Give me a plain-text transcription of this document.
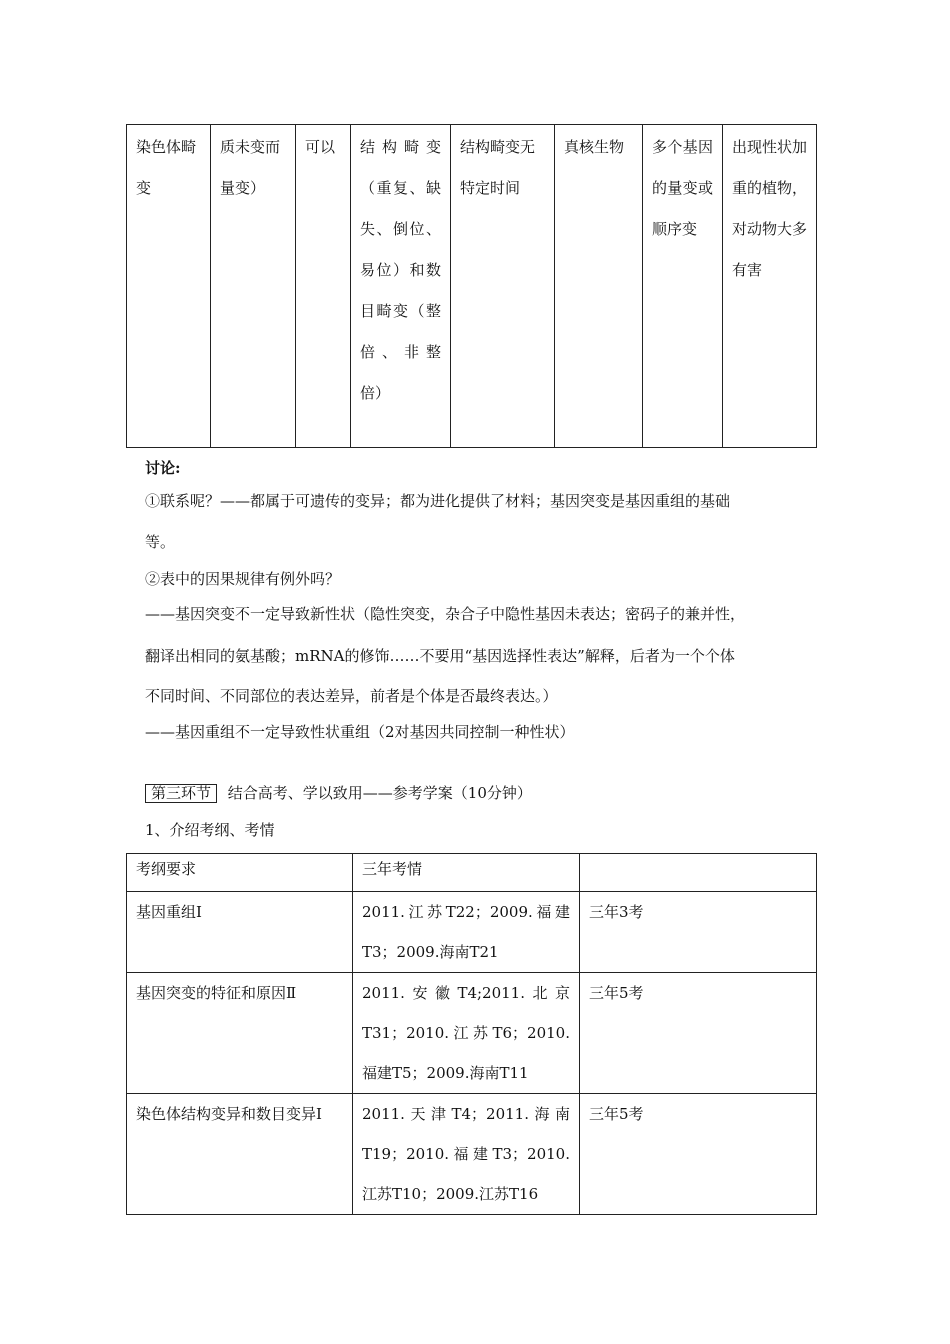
染色体畸变	质未变而量变）	可以	结构畸变（重复、缺失、倒位、易位）和数目畸变（整倍、非整倍）	结构畸变无特定时间	真核生物	多个基因的量变或顺序变	出现性状加重的植物，对动物大多有害
讨论:
①联系呢？——都属于可遗传的变异；都为进化提供了材料；基因突变是基因重组的基础
等。
②表中的因果规律有例外吗？
——基因突变不一定导致新性状（隐性突变，杂合子中隐性基因未表达；密码子的兼并性，
翻译出相同的氨基酸；mRNA的修饰……不要用“基因选择性表达”解释，后者为一个个体
不同时间、不同部位的表达差异，前者是个体是否最终表达。）
——基因重组不一定导致性状重组（2对基因共同控制一种性状）
第三环节 结合高考、学以致用——参考学案（10分钟）
1、介绍考纲、考情
考纲要求	三年考情	
基因重组Ⅰ	2011.江苏T22；2009.福建T3；2009.海南T21	三年3考
基因突变的特征和原因Ⅱ	2011.安徽T4;2011.北京T31；2010.江苏T6；2010.福建T5；2009.海南T11	三年5考
染色体结构变异和数目变异Ⅰ	2011.天津T4；2011.海南T19；2010.福建T3；2010.江苏T10；2009.江苏T16	三年5考
